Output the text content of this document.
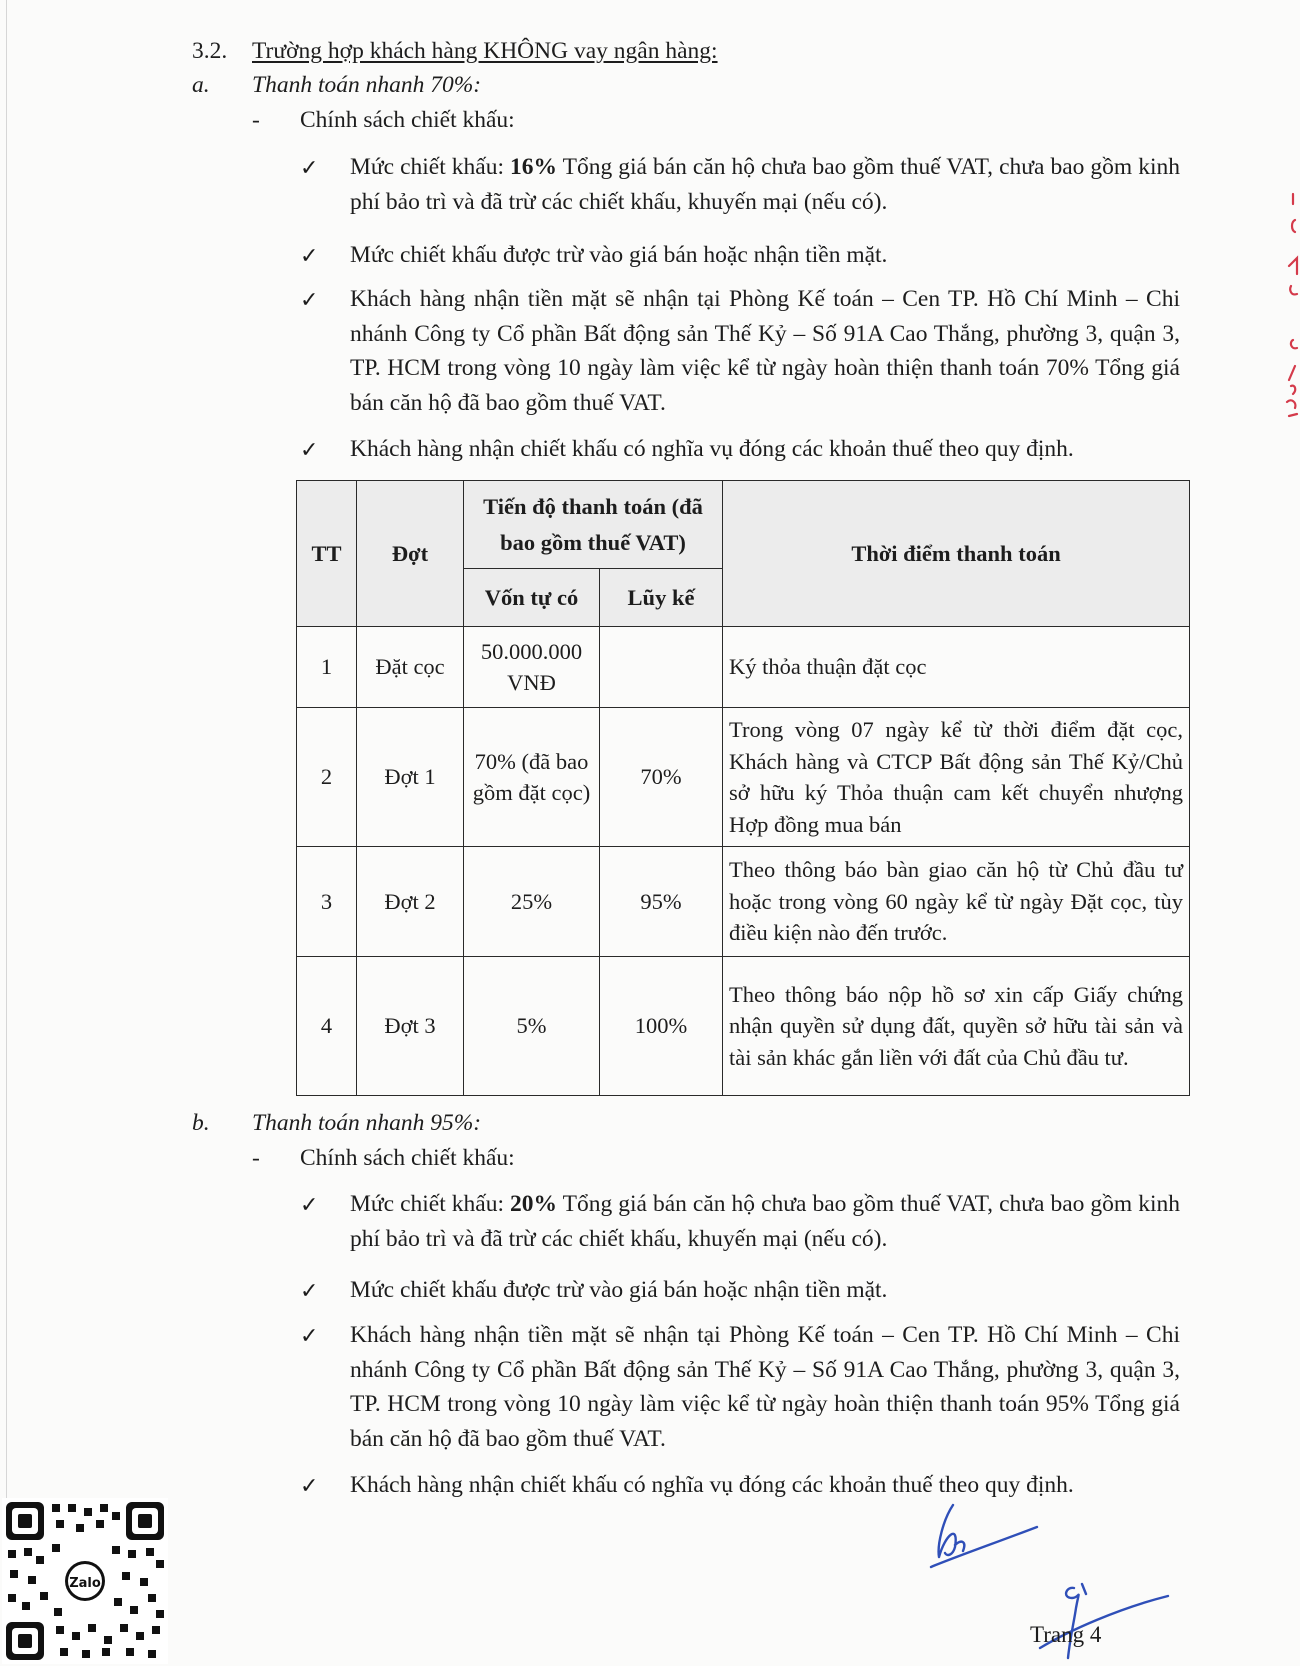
3.2. Trường hợp khách hàng KHÔNG vay ngân hàng:
a. Thanh toán nhanh 70%:
- Chính sách chiết khấu:
✓ Mức chiết khấu: 16% Tổng giá bán căn hộ chưa bao gồm thuế VAT, chưa bao gồm kinh phí bảo trì và đã trừ các chiết khấu, khuyến mại (nếu có).
✓ Mức chiết khấu được trừ vào giá bán hoặc nhận tiền mặt.
✓ Khách hàng nhận tiền mặt sẽ nhận tại Phòng Kế toán – Cen TP. Hồ Chí Minh – Chi nhánh Công ty Cổ phần Bất động sản Thế Kỷ – Số 91A Cao Thắng, phường 3, quận 3, TP. HCM trong vòng 10 ngày làm việc kể từ ngày hoàn thiện thanh toán 70% Tổng giá bán căn hộ đã bao gồm thuế VAT.
✓ Khách hàng nhận chiết khấu có nghĩa vụ đóng các khoản thuế theo quy định.
TT	Đợt	Tiến độ thanh toán (đã bao gồm thuế VAT)		Thời điểm thanh toán
		Vốn tự có	Lũy kế	
1	Đặt cọc	50.000.000 VNĐ		Ký thỏa thuận đặt cọc
2	Đợt 1	70% (đã bao gồm đặt cọc)	70%	Trong vòng 07 ngày kể từ thời điểm đặt cọc, Khách hàng và CTCP Bất động sản Thế Kỷ/Chủ sở hữu ký Thỏa thuận cam kết chuyển nhượng Hợp đồng mua bán
3	Đợt 2	25%	95%	Theo thông báo bàn giao căn hộ từ Chủ đầu tư hoặc trong vòng 60 ngày kể từ ngày Đặt cọc, tùy điều kiện nào đến trước.
4	Đợt 3	5%	100%	Theo thông báo nộp hồ sơ xin cấp Giấy chứng nhận quyền sử dụng đất, quyền sở hữu tài sản và tài sản khác gắn liền với đất của Chủ đầu tư.
b. Thanh toán nhanh 95%:
- Chính sách chiết khấu:
✓ Mức chiết khấu: 20% Tổng giá bán căn hộ chưa bao gồm thuế VAT, chưa bao gồm kinh phí bảo trì và đã trừ các chiết khấu, khuyến mại (nếu có).
✓ Mức chiết khấu được trừ vào giá bán hoặc nhận tiền mặt.
✓ Khách hàng nhận tiền mặt sẽ nhận tại Phòng Kế toán – Cen TP. Hồ Chí Minh – Chi nhánh Công ty Cổ phần Bất động sản Thế Kỷ – Số 91A Cao Thắng, phường 3, quận 3, TP. HCM trong vòng 10 ngày làm việc kể từ ngày hoàn thiện thanh toán 95% Tổng giá bán căn hộ đã bao gồm thuế VAT.
✓ Khách hàng nhận chiết khấu có nghĩa vụ đóng các khoản thuế theo quy định.
Zalo
Trang 4
